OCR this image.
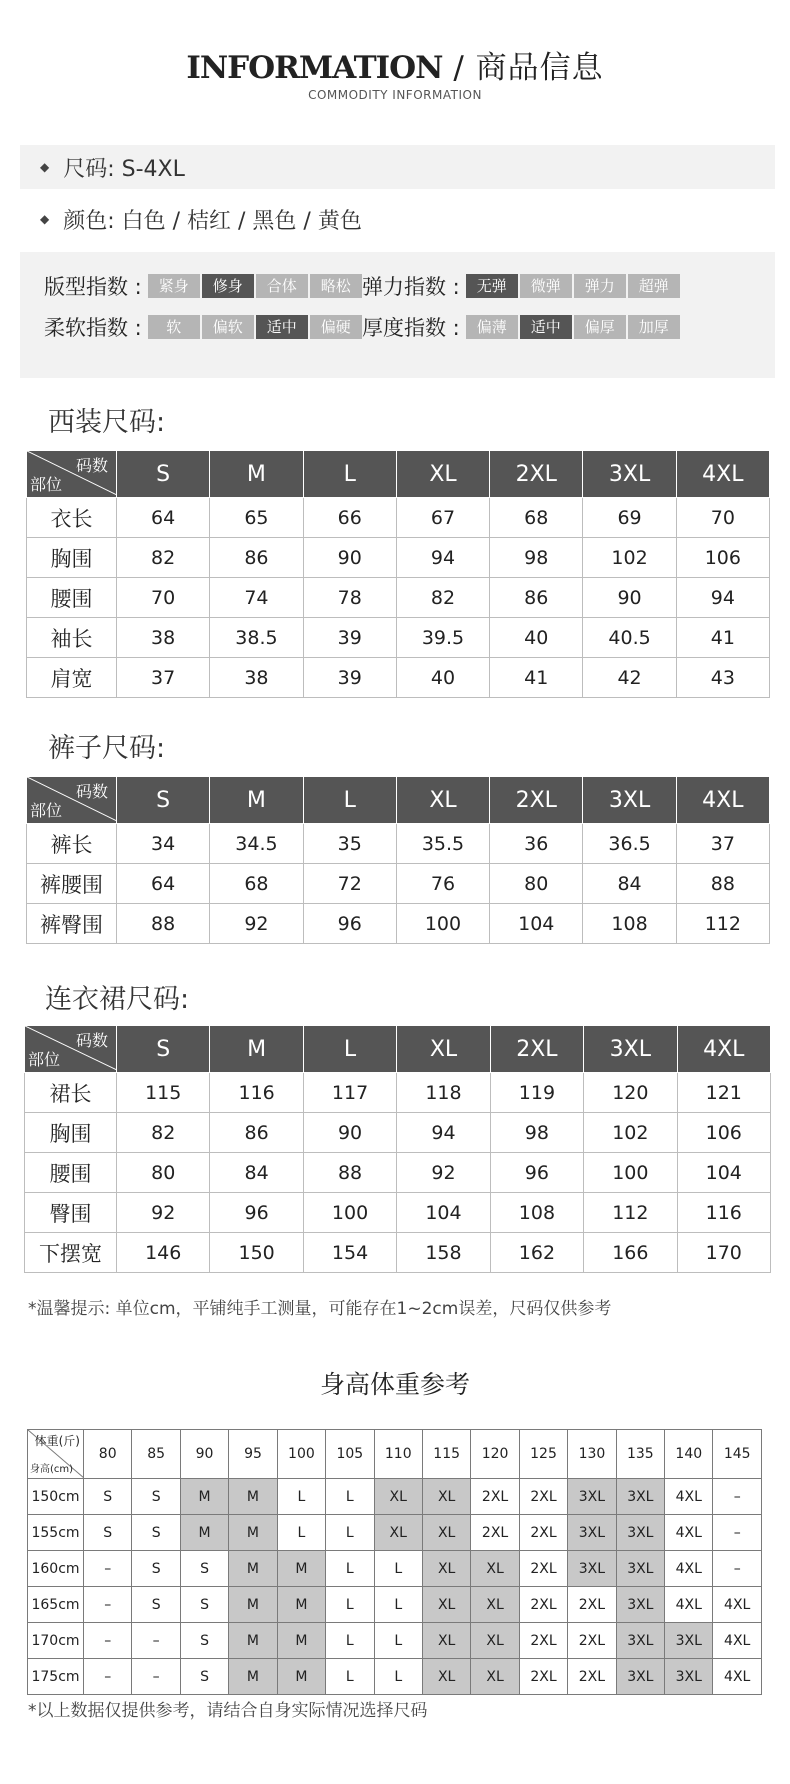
INFORMATION / 商品信息
COMMODITY INFORMATION
◆ 尺码: S-4XL
◆ 颜色: 白色 / 桔红 / 黑色 / 黄色
版型指数 :	紧身	修身	合体	略松 弹力指数 :	无弹	微弹	弹力	超弹
柔软指数 :	软	偏软	适中	偏硬 厚度指数 :	偏薄	适中	偏厚	加厚
西装尺码:
码数
部位	S	M	L	XL	2XL	3XL	4XL
衣长	64	65	66	67	68	69	70
胸围	82	86	90	94	98	102	106
腰围	70	74	78	82	86	90	94
袖长	38	38.5	39	39.5	40	40.5	41
肩宽	37	38	39	40	41	42	43
裤子尺码:
码数
部位	S	M	L	XL	2XL	3XL	4XL
裤长	34	34.5	35	35.5	36	36.5	37
裤腰围	64	68	72	76	80	84	88
裤臀围	88	92	96	100	104	108	112
连衣裙尺码:
码数
部位	S	M	L	XL	2XL	3XL	4XL
裙长	115	116	117	118	119	120	121
胸围	82	86	90	94	98	102	106
腰围	80	84	88	92	96	100	104
臀围	92	96	100	104	108	112	116
下摆宽	146	150	154	158	162	166	170
*温馨提示: 单位cm，平铺纯手工测量，可能存在1~2cm误差，尺码仅供参考
身高体重参考
体重(斤)
身高(cm)	80	85	90	95	100	105	110	115	120	125	130	135	140	145
150cm	S	S	M	M	L	L	XL	XL	2XL	2XL	3XL	3XL	4XL	–
155cm	S	S	M	M	L	L	XL	XL	2XL	2XL	3XL	3XL	4XL	–
160cm	–	S	S	M	M	L	L	XL	XL	2XL	3XL	3XL	4XL	–
165cm	–	S	S	M	M	L	L	XL	XL	2XL	2XL	3XL	4XL	4XL
170cm	–	–	S	M	M	L	L	XL	XL	2XL	2XL	3XL	3XL	4XL
175cm	–	–	S	M	M	L	L	XL	XL	2XL	2XL	3XL	3XL	4XL
*以上数据仅提供参考，请结合自身实际情况选择尺码
